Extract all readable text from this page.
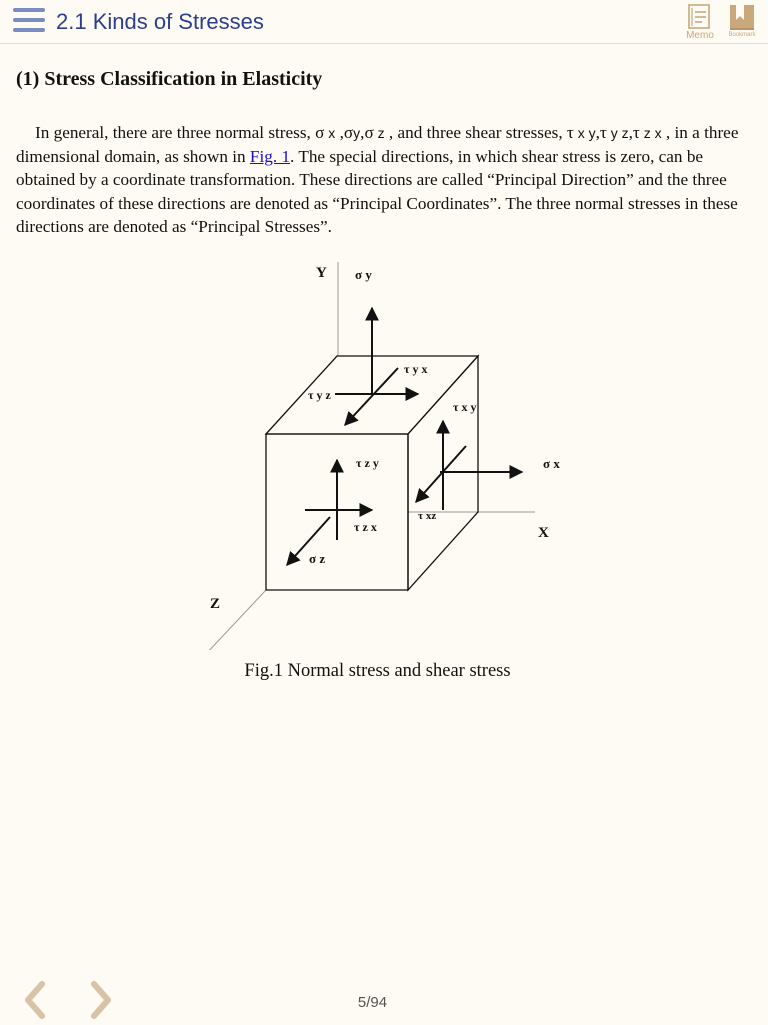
2.1 Kinds of Stresses
Memo	Bookmark
(1) Stress Classification in Elasticity

In general, there are three normal stress, σ x ,σy,σ z , and three shear stresses, τ x y,τ y z,τ z x , in a three dimensional domain, as shown in Fig. 1. The special directions, in which shear stress is zero, can be obtained by a coordinate transformation. These directions are called “Principal Direction” and the three coordinates of these directions are denoted as “Principal Coordinates”. The three normal stresses in these directions are denoted as “Principal Stresses”.

Y σ y
τ y x
τ y z
τ x y
τ z y	σ x
τ xz
τ z x	X
σ z
Z
Fig.1 Normal stress and shear stress
5/94
